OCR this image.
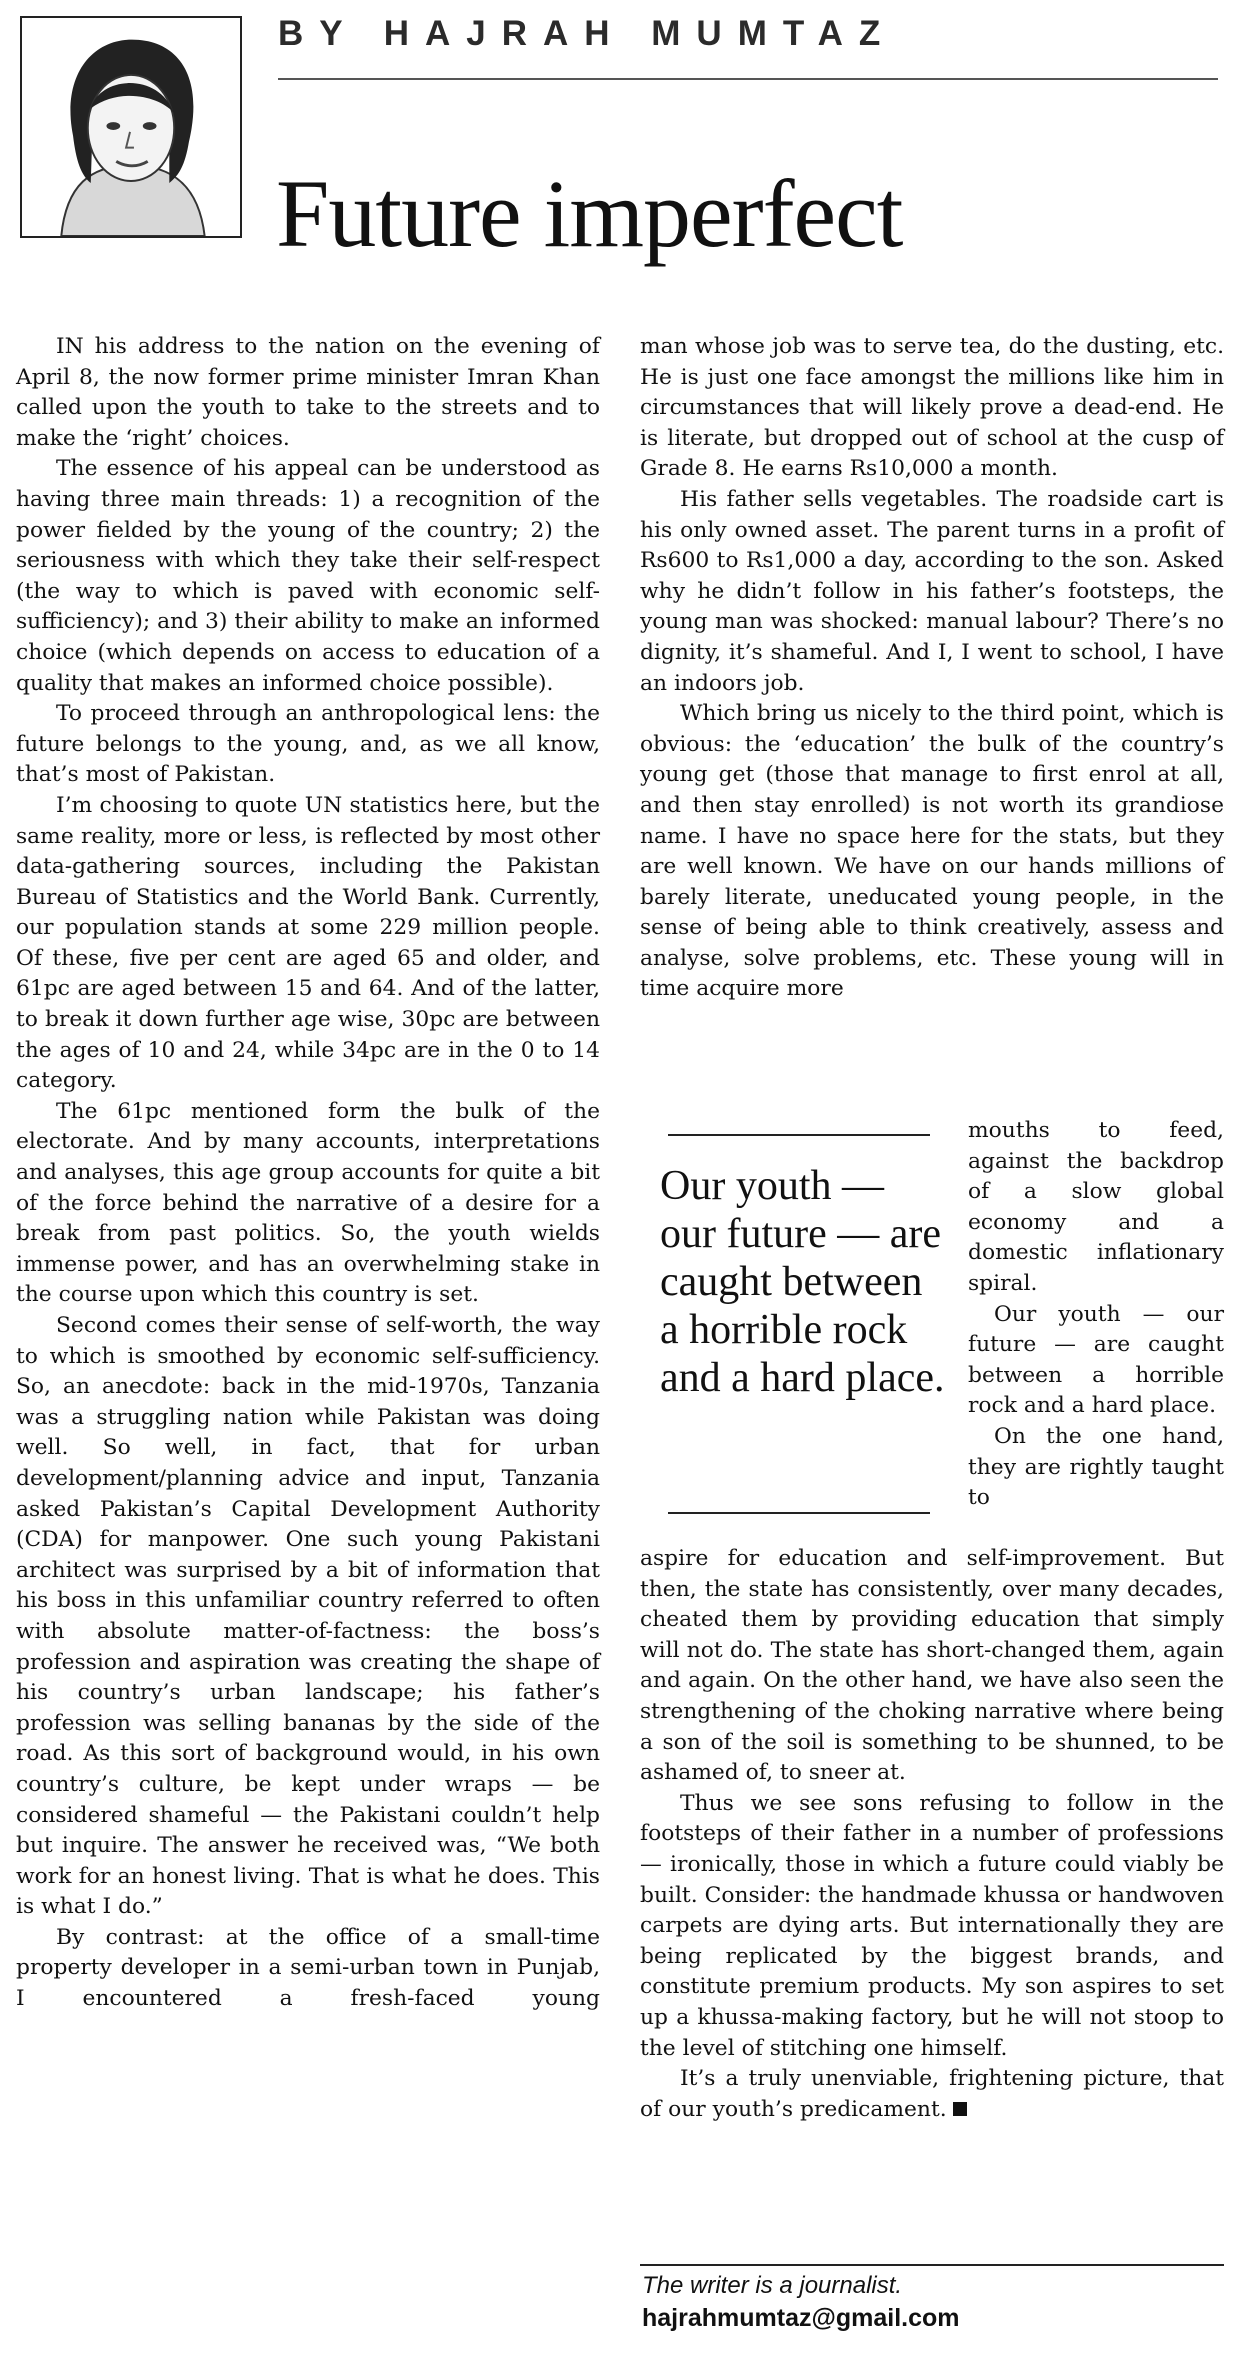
BY HAJRAH MUMTAZ
Future imperfect

IN his address to the nation on the evening of April 8, the now former prime minister Imran Khan called upon the youth to take to the streets and to make the ‘right’ choices.

The essence of his appeal can be understood as having three main threads: 1) a recognition of the power fielded by the young of the country; 2) the seriousness with which they take their self-respect (the way to which is paved with economic self-sufficiency); and 3) their ability to make an informed choice (which depends on access to education of a quality that makes an informed choice possible).

To proceed through an anthropological lens: the future belongs to the young, and, as we all know, that’s most of Pakistan.

I’m choosing to quote UN statistics here, but the same reality, more or less, is reflected by most other data-gathering sources, including the Pakistan Bureau of Statistics and the World Bank. Currently, our population stands at some 229 million people. Of these, five per cent are aged 65 and older, and 61pc are aged between 15 and 64. And of the latter, to break it down further age wise, 30pc are between the ages of 10 and 24, while 34pc are in the 0 to 14 category.

The 61pc mentioned form the bulk of the electorate. And by many accounts, interpretations and analyses, this age group accounts for quite a bit of the force behind the narrative of a desire for a break from past politics. So, the youth wields immense power, and has an overwhelming stake in the course upon which this country is set.

Second comes their sense of self-worth, the way to which is smoothed by economic self-sufficiency. So, an anecdote: back in the mid-1970s, Tanzania was a struggling nation while Pakistan was doing well. So well, in fact, that for urban development/planning advice and input, Tanzania asked Pakistan’s Capital Development Authority (CDA) for manpower. One such young Pakistani architect was surprised by a bit of information that his boss in this unfamiliar country referred to often with absolute matter-of-factness: the boss’s profession and aspiration was creating the shape of his country’s urban landscape; his father’s profession was selling bananas by the side of the road. As this sort of background would, in his own country’s culture, be kept under wraps — be considered shameful — the Pakistani couldn’t help but inquire. The answer he received was, “We both work for an honest living. That is what he does. This is what I do.”

By contrast: at the office of a small-time property developer in a semi-urban town in Punjab, I encountered a fresh-faced young

man whose job was to serve tea, do the dusting, etc. He is just one face amongst the millions like him in circumstances that will likely prove a dead-end. He is literate, but dropped out of school at the cusp of Grade 8. He earns Rs10,000 a month.

His father sells vegetables. The roadside cart is his only owned asset. The parent turns in a profit of Rs600 to Rs1,000 a day, according to the son. Asked why he didn’t follow in his father’s footsteps, the young man was shocked: manual labour? There’s no dignity, it’s shameful. And I, I went to school, I have an indoors job.

Which bring us nicely to the third point, which is obvious: the ‘education’ the bulk of the country’s young get (those that manage to first enrol at all, and then stay enrolled) is not worth its grandiose name. I have no space here for the stats, but they are well known. We have on our hands millions of barely literate, uneducated young people, in the sense of being able to think creatively, assess and analyse, solve problems, etc. These young will in time acquire more

Our youth — our future — are caught between a horrible rock and a hard place.

mouths to feed, against the backdrop of a slow global economy and a domestic inflationary spiral.

Our youth — our future — are caught between a horrible rock and a hard place.

On the one hand, they are rightly taught to

aspire for education and self-improvement. But then, the state has consistently, over many decades, cheated them by providing education that simply will not do. The state has short-changed them, again and again. On the other hand, we have also seen the strengthening of the choking narrative where being a son of the soil is something to be shunned, to be ashamed of, to sneer at.

Thus we see sons refusing to follow in the footsteps of their father in a number of professions — ironically, those in which a future could viably be built. Consider: the handmade khussa or handwoven carpets are dying arts. But internationally they are being replicated by the biggest brands, and constitute premium products. My son aspires to set up a khussa-making factory, but he will not stoop to the level of stitching one himself.

It’s a truly unenviable, frightening picture, that of our youth’s predicament.

The writer is a journalist.
hajrahmumtaz@gmail.com
